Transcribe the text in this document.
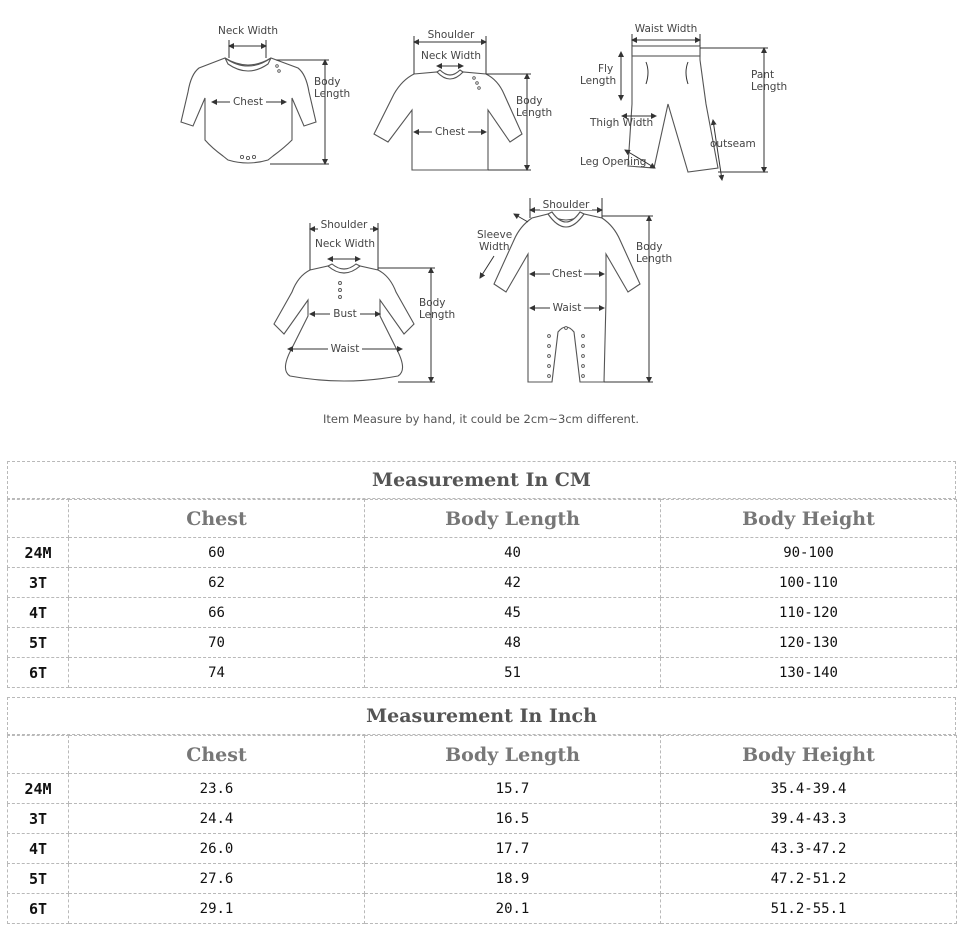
Neck Width
Chest
Body
Length
Shoulder
Neck Width
Chest
Body
Length
Waist Width
Fly
Length	Pant
Length
outseam
Thigh Width
Leg Opening
Shoulder
Neck Width
Bust
Waist
Body
Length
Shoulder
Sleeve
Width
Chest
Waist
Body
Length
Item Measure by hand, it could be 2cm~3cm different.
Measurement In CM
	Chest	Body Length	Body Height
24M	60	40	90-100
3T	62	42	100-110
4T	66	45	110-120
5T	70	48	120-130
6T	74	51	130-140
Measurement In Inch
	Chest	Body Length	Body Height
24M	23.6	15.7	35.4-39.4
3T	24.4	16.5	39.4-43.3
4T	26.0	17.7	43.3-47.2
5T	27.6	18.9	47.2-51.2
6T	29.1	20.1	51.2-55.1
